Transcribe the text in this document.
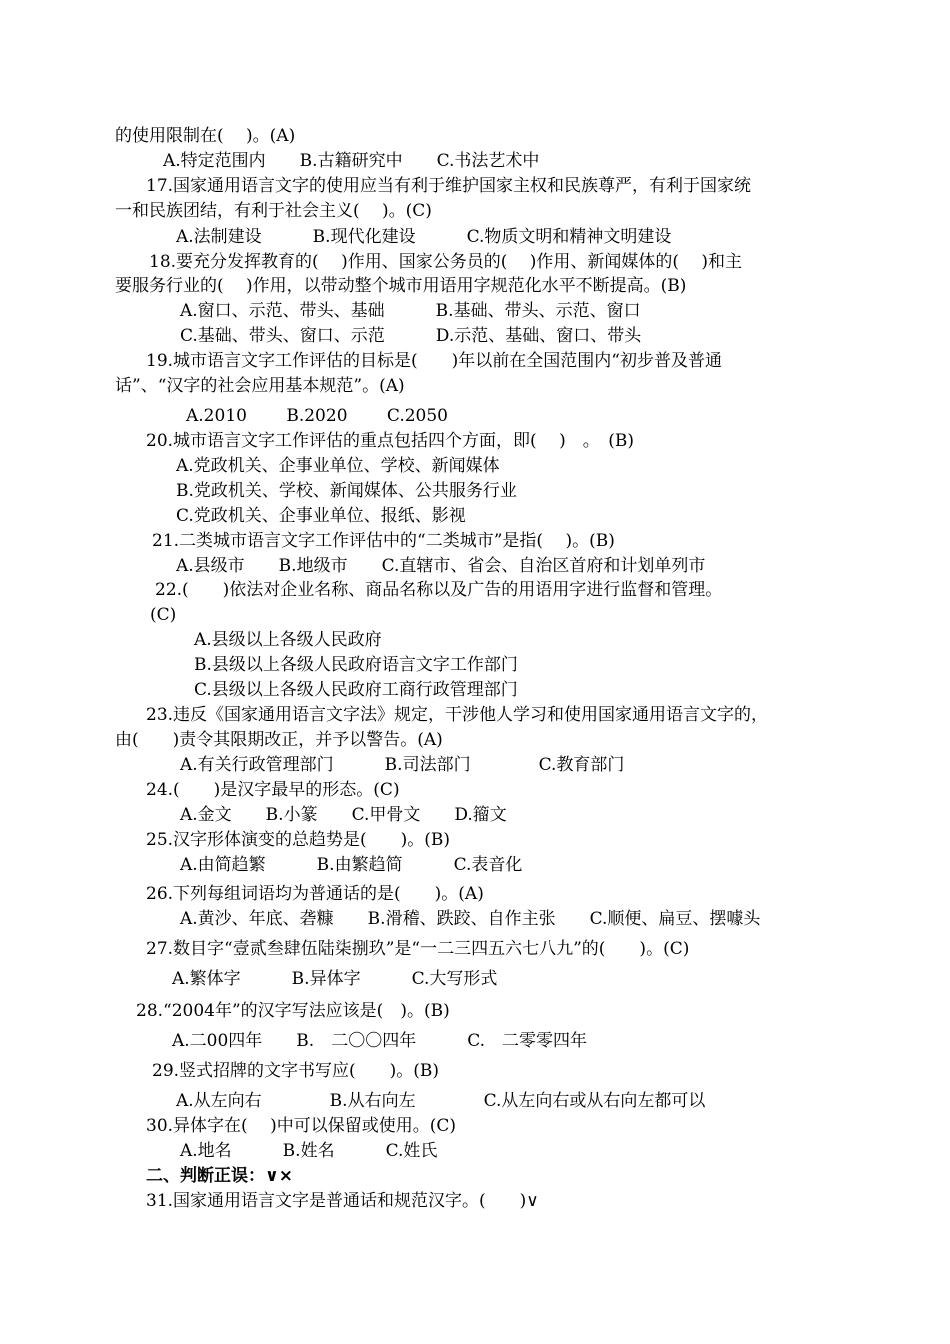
的使用限制在(　 )。(A)
A.特定范围内　　B.古籍研究中　　C.书法艺术中
17.国家通用语言文字的使用应当有利于维护国家主权和民族尊严，有利于国家统
一和民族团结，有利于社会主义(　 )。(C)
A.法制建设　　　B.现代化建设　　　C.物质文明和精神文明建设
18.要充分发挥教育的(　 )作用、国家公务员的(　 )作用、新闻媒体的(　 )和主
要服务行业的(　 )作用，以带动整个城市用语用字规范化水平不断提高。(B)
A.窗口、示范、带头、基础　　　B.基础、带头、示范、窗口
C.基础、带头、窗口、示范　　　D.示范、基础、窗口、带头
19.城市语言文字工作评估的目标是(　　)年以前在全国范围内“初步普及普通
话”、“汉字的社会应用基本规范”。(A)
A.2010　　 B.2020　　 C.2050
20.城市语言文字工作评估的重点包括四个方面，即(　 )　。　(B)
A.党政机关、企事业单位、学校、新闻媒体
B.党政机关、学校、新闻媒体、公共服务行业
C.党政机关、企事业单位、报纸、影视
21.二类城市语言文字工作评估中的“二类城市”是指(　 )。(B)
A.县级市　　B.地级市　　C.直辖市、省会、自治区首府和计划单列市
22.(　　)依法对企业名称、商品名称以及广告的用语用字进行监督和管理。
(C)
A.县级以上各级人民政府
B.县级以上各级人民政府语言文字工作部门
C.县级以上各级人民政府工商行政管理部门
23.违反《国家通用语言文字法》规定，干涉他人学习和使用国家通用语言文字的，
由(　　)责令其限期改正，并予以警告。(A)
A.有关行政管理部门　　　B.司法部门　　　　C.教育部门
24.(　　)是汉字最早的形态。(C)
A.金文　　B.小篆　　C.甲骨文　　D.籀文
25.汉字形体演变的总趋势是(　　)。(B)
A.由简趋繁　　　B.由繁趋简　　　C.表音化
26.下列每组词语均为普通话的是(　　)。(A)
A.黄沙、年底、砻糠　　B.滑稽、跌跤、自作主张　　C.顺便、扁豆、摆噱头
27.数目字“壹贰叁肆伍陆柒捌玖”是“一二三四五六七八九”的(　　)。(C)
A.繁体字　　　B.异体字　　　C.大写形式
28.“2004年”的汉字写法应该是(　)。(B)
A.二00四年　　B.　二〇〇四年　　　C.　二零零四年
29.竖式招牌的文字书写应(　　)。(B)
A.从左向右　　　　B.从右向左　　　　C.从左向右或从右向左都可以
30.异体字在(　 )中可以保留或使用。(C)
A.地名　　　B.姓名　　　C.姓氏
二、判断正误：∨×
31.国家通用语言文字是普通话和规范汉字。(　　)∨
